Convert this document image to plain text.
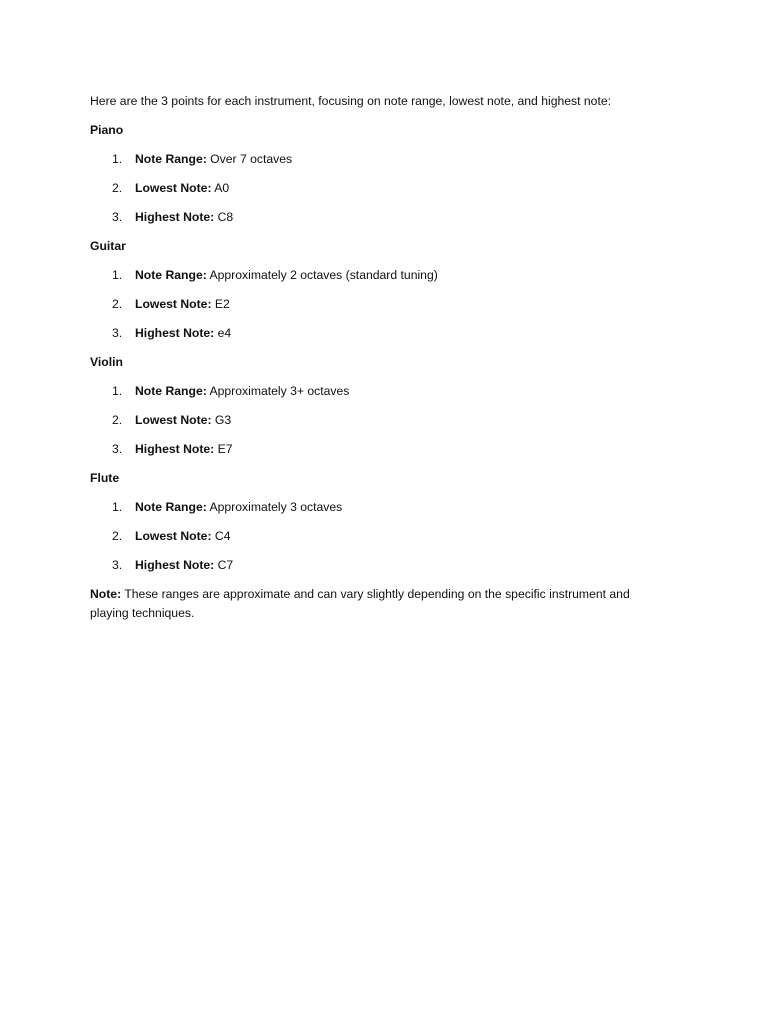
Here are the 3 points for each instrument, focusing on note range, lowest note, and highest note:

Piano

1. Note Range: Over 7 octaves
2. Lowest Note: A0
3. Highest Note: C8

Guitar

1. Note Range: Approximately 2 octaves (standard tuning)
2. Lowest Note: E2
3. Highest Note: e4

Violin

1. Note Range: Approximately 3+ octaves
2. Lowest Note: G3
3. Highest Note: E7

Flute

1. Note Range: Approximately 3 octaves
2. Lowest Note: C4
3. Highest Note: C7

Note: These ranges are approximate and can vary slightly depending on the specific instrument and playing techniques.
